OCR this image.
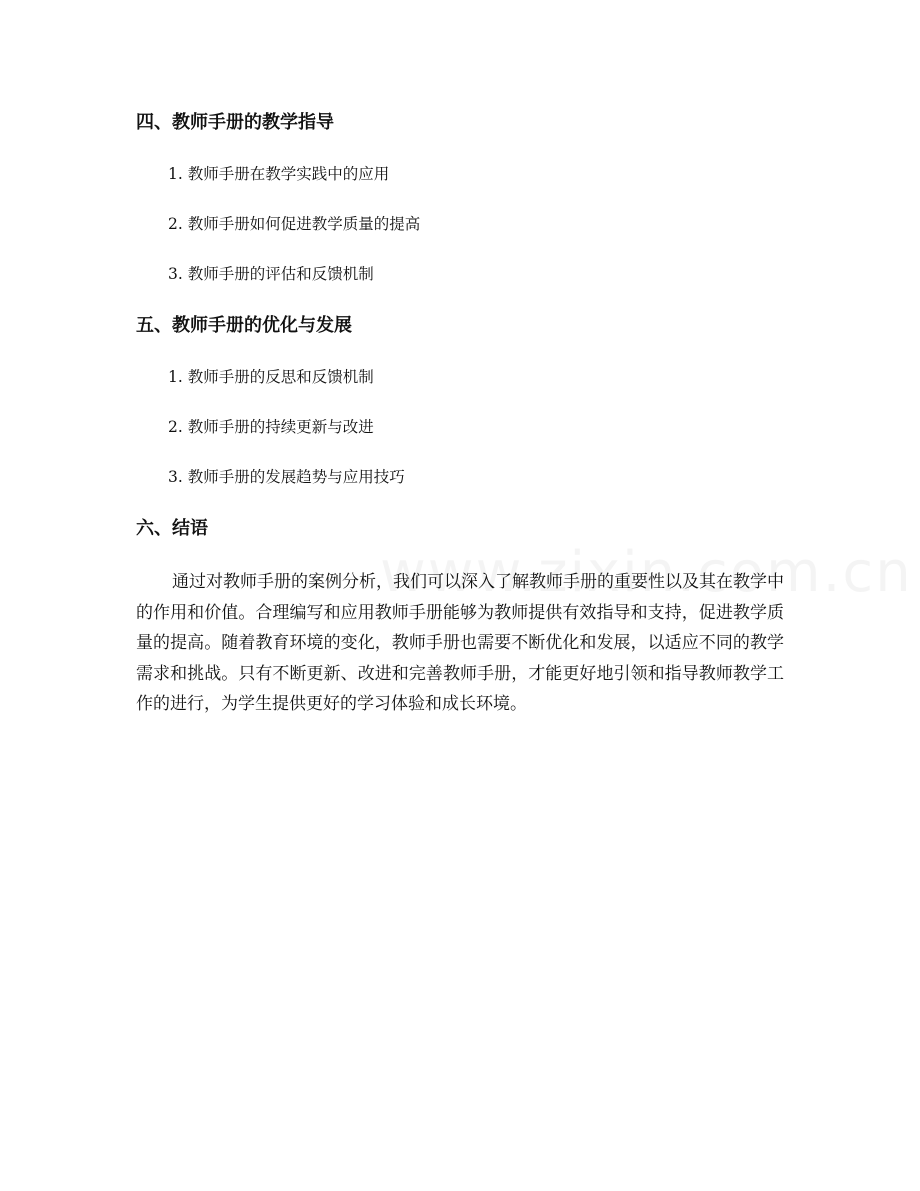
四、教师手册的教学指导

1. 教师手册在教学实践中的应用

2. 教师手册如何促进教学质量的提高

3. 教师手册的评估和反馈机制

五、教师手册的优化与发展

1. 教师手册的反思和反馈机制

2. 教师手册的持续更新与改进

3. 教师手册的发展趋势与应用技巧

六、结语

通过对教师手册的案例分析，我们可以深入了解教师手册的重要性以及其在教学中的作用和价值。合理编写和应用教师手册能够为教师提供有效指导和支持，促进教学质量的提高。随着教育环境的变化，教师手册也需要不断优化和发展，以适应不同的教学需求和挑战。只有不断更新、改进和完善教师手册，才能更好地引领和指导教师教学工作的进行，为学生提供更好的学习体验和成长环境。
